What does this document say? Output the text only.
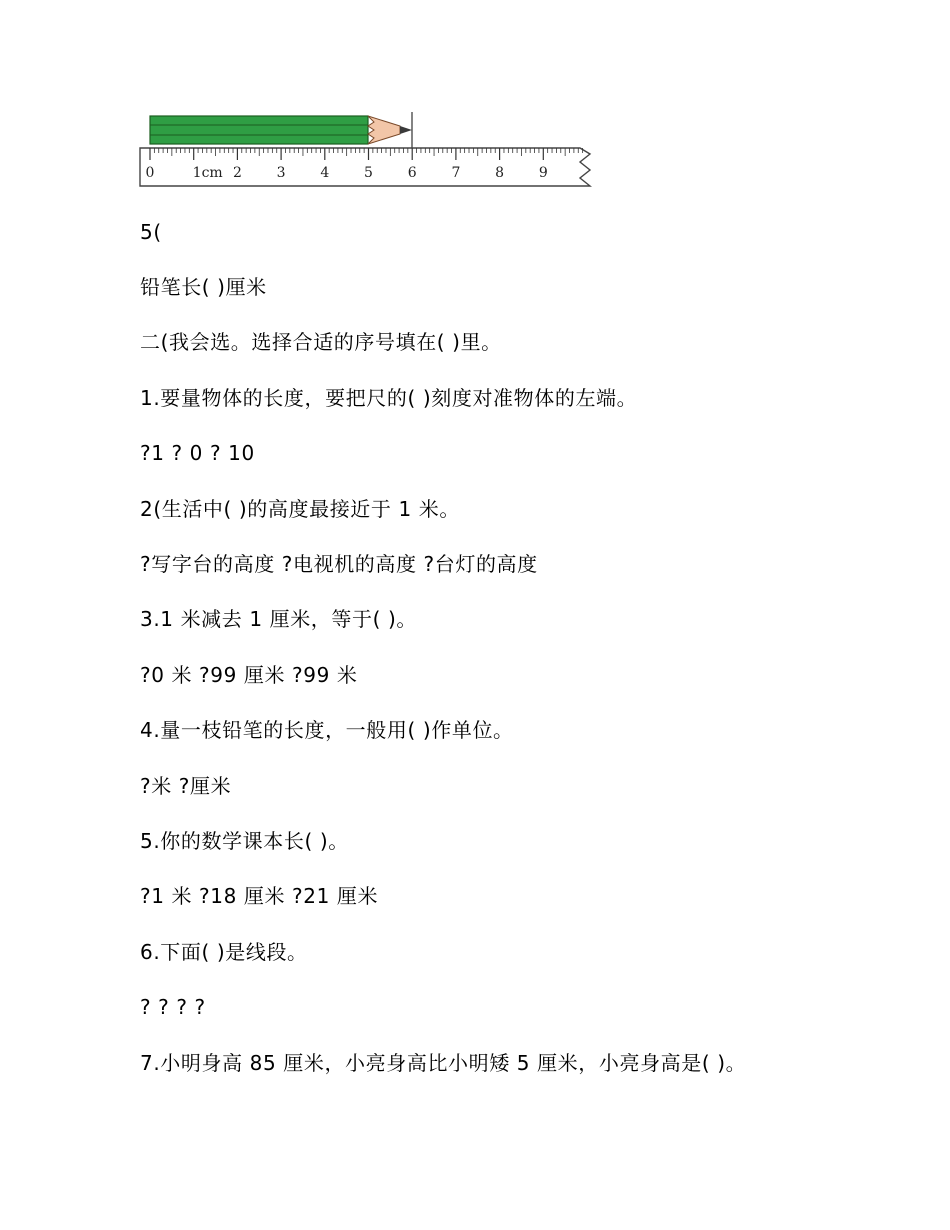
0	1cm 2 3 4 5 6 7 8 9

5(

铅笔长( )厘米

二(我会选。选择合适的序号填在( )里。

1.要量物体的长度，要把尺的( )刻度对准物体的左端。

?1 ? 0 ? 10

2(生活中( )的高度最接近于 1 米。

?写字台的高度 ?电视机的高度 ?台灯的高度

3.1 米减去 1 厘米，等于( )。

?0 米 ?99 厘米 ?99 米

4.量一枝铅笔的长度，一般用( )作单位。

?米 ?厘米

5.你的数学课本长( )。

?1 米 ?18 厘米 ?21 厘米

6.下面( )是线段。

? ? ? ?

7.小明身高 85 厘米，小亮身高比小明矮 5 厘米，小亮身高是( )。
